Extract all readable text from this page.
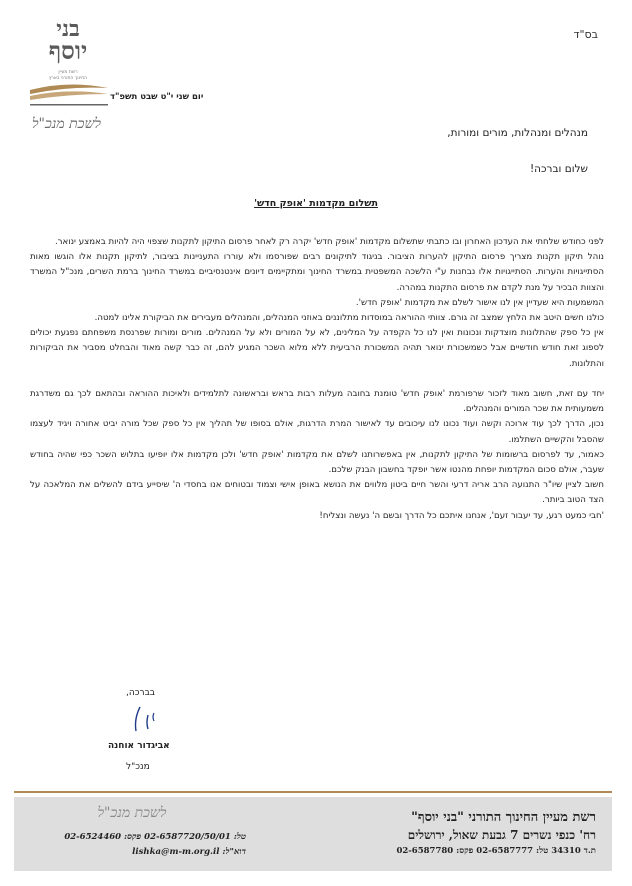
בס"ד
בני
יוסף
רשת מעיין
החינוך התורני בארץ
יום שני י"ט שבט תשפ"ד
לשכת מנכ"ל
מנהלים ומנהלות, מורים ומורות,
שלום וברכה!
תשלום מקדמות 'אופק חדש'

לפני כחודש שלחתי את העדכון האחרון ובו כתבתי שתשלום מקדמות 'אופק חדש' יקרה רק לאחר פרסום התיקון לתקנות שצפוי היה להיות באמצע ינואר.

נוהל תיקון תקנות מצריך פרסום התיקון להערות הציבור. בניגוד לתיקונים רבים שפורסמו ולא עוררו התעניינות בציבור, לתיקון תקנות אלו הוגשו מאות הסתייגויות והערות. הסתייגויות אלו נבחנות ע"י הלשכה המשפטית במשרד החינוך ומתקיימים דיונים אינטנסיביים במשרד החינוך ברמת השרים, מנכ"ל המשרד והצוות הבכיר על מנת לקדם את פרסום התקנות במהרה.

המשמעות היא שעדיין אין לנו אישור לשלם את מקדמות 'אופק חדש'.

כולנו חשים היטב את הלחץ שמצב זה גורם. צוותי ההוראה במוסדות מתלוננים באוזני המנהלים, והמנהלים מעבירים את הביקורת אלינו למטה.

אין כל ספק שהתלונות מוצדקות ונכונות ואין לנו כל הקפדה על המלינים, לא על המורים ולא על המנהלים. מורים ומורות שפרנסת משפחתם נפגעת יכולים לספוג זאת חודש חודשיים אבל כשמשכורת ינואר תהיה המשכורת הרביעית ללא מלוא השכר המגיע להם, זה כבר קשה מאוד והבחלט מסביר את הביקורות והתלונות.

יחד עם זאת, חשוב מאוד לזכור שרפורמת 'אופק חדש' טומנת בחובה מעלות רבות בראש ובראשונה לתלמידים ולאיכות ההוראה ובהתאם לכך גם משדרגת משמעותית את שכר המורים והמנהלים.

נכון, הדרך לכך עוד ארוכה וקשה ועוד נכונו לנו עיכובים עד לאישור המרת הדרגות, אולם בסופו של תהליך אין כל ספק שכל מורה יביט אחורה ויגיד לעצמו שהסבל והקשיים השתלמו.

כאמור, עד לפרסום ברשומות של התיקון לתקנות, אין באפשרותנו לשלם את מקדמות 'אופק חדש' ולכן מקדמות אלו יופיעו בתלוש השכר כפי שהיה בחודש שעבר, אולם סכום המקדמות יופחת מהנטו אשר יופקד בחשבון הבנק שלכם.

חשוב לציין שיו"ר התנועה הרב אריה דרעי והשר חיים ביטון מלווים את הנושא באופן אישי וצמוד ובטוחים אנו בחסדי ה' שיסייע בידם להשלים את המלאכה על הצד הטוב ביותר.

'חבי כמעט רגע, עד יעבור זעם', אנחנו איתכם כל הדרך ובשם ה' נעשה ונצליח!

בברכה,
אביגדור אוחנה
מנכ"ל
לשכת מנכ"ל
טל: 02-6587720/50/01 פקס: 02-6524460
דוא"ל: lishka@m-m.org.il
רשת מעיין החינוך התורני "בני יוסף"
רח' כנפי נשרים 7 גבעת שאול, ירושלים
ת.ד 34310 טל: 02-6587777 פקס: 02-6587780
